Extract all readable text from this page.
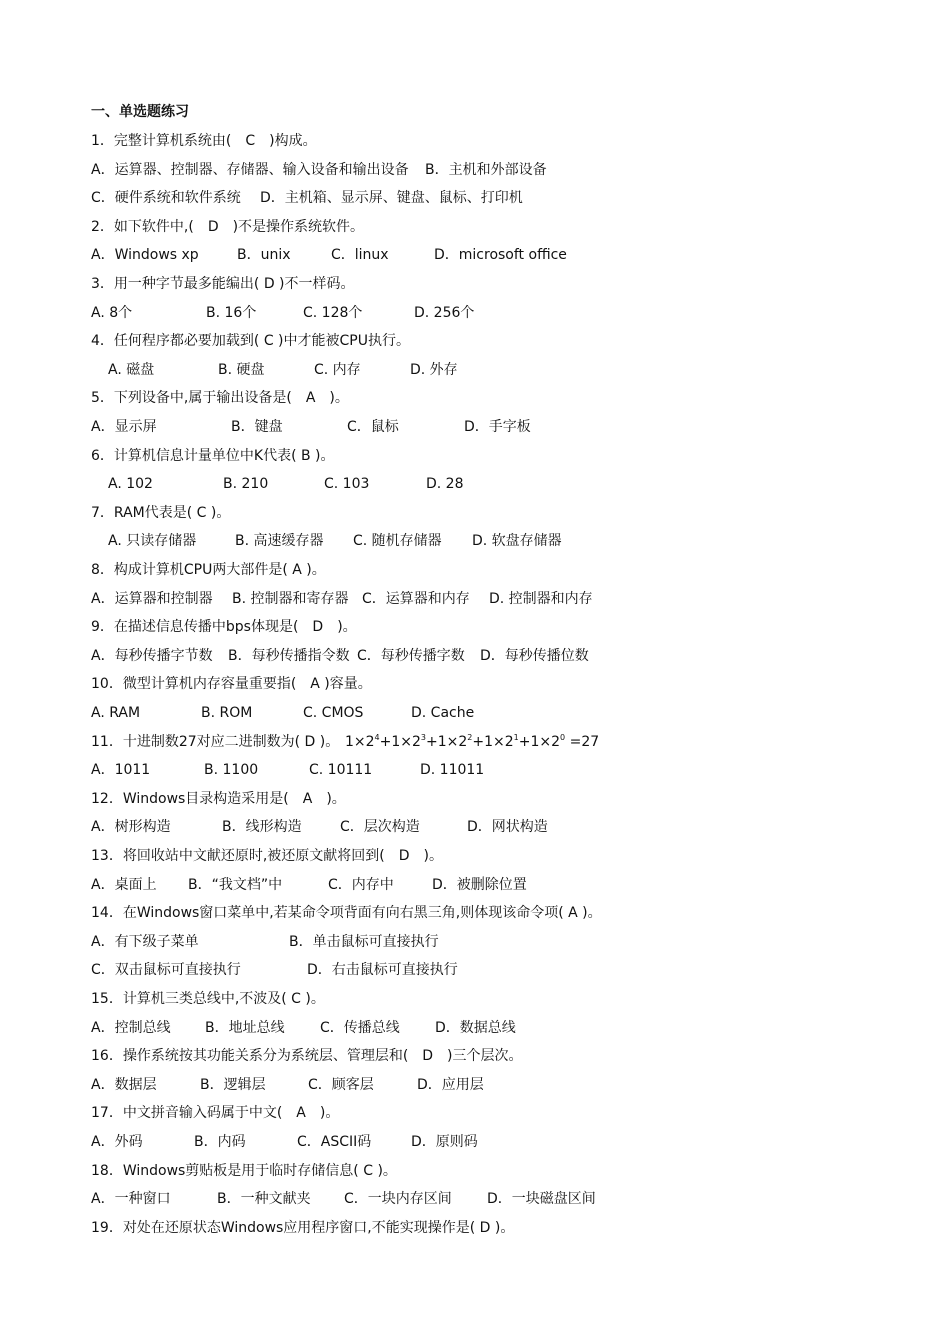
一、单选题练习
1．完整计算机系统由(　C　)构成。
A．运算器、控制器、存储器、输入设备和输出设备 B．主机和外部设备
C．硬件系统和软件系统 D．主机箱、显示屏、键盘、鼠标、打印机
2．如下软件中,(　D　)不是操作系统软件。
A．Windows xp	B．unix	C．linux	D．microsoft office
3．用一种字节最多能编出( D )不一样码。
A. 8个	B. 16个	C. 128个	D. 256个
4．任何程序都必要加载到( C )中才能被CPU执行。
A. 磁盘	B. 硬盘	C. 内存	D. 外存
5．下列设备中,属于输出设备是(　A　)。
A．显示屏	B．键盘	C．鼠标	D．手字板
6．计算机信息计量单位中K代表( B )。
A. 102	B. 210	C. 103	D. 28
7．RAM代表是( C )。
A. 只读存储器	B. 高速缓存器 C. 随机存储器 D. 软盘存储器
8．构成计算机CPU两大部件是( A )。
A．运算器和控制器 B. 控制器和寄存器 C．运算器和内存 D. 控制器和内存
9．在描述信息传播中bps体现是(　D　)。
A．每秒传播字节数 B．每秒传播指令数 C．每秒传播字数 D．每秒传播位数
10．微型计算机内存容量重要指(　A )容量。
A. RAM	B. ROM	C. CMOS	D. Cache
11．十进制数27对应二进制数为( D )。 $1\times 2^4+1\times 2^3+1\times 2^2+1\times 2^1+1\times 2^0 =27$
A．1011	B. 1100	C. 10111	D. 11011
12．Windows目录构造采用是(　A　)。
A．树形构造	B．线形构造	C．层次构造	D．网状构造
13．将回收站中文献还原时,被还原文献将回到(　D　)。
A．桌面上 B．“我文档”中	C．内存中	D．被删除位置
14．在Windows窗口菜单中,若某命令项背面有向右黑三角,则体现该命令项( A )。
A．有下级子菜单	B．单击鼠标可直接执行
C．双击鼠标可直接执行	D．右击鼠标可直接执行
15．计算机三类总线中,不波及( C )。
A．控制总线 B．地址总线	C．传播总线	D．数据总线
16．操作系统按其功能关系分为系统层、管理层和(　D　)三个层次。
A．数据层	B．逻辑层	C．顾客层	D．应用层
17．中文拼音输入码属于中文(　A　)。
A．外码	B．内码	C．ASCII码	D．原则码
18．Windows剪贴板是用于临时存储信息( C )。
A．一种窗口	B．一种文献夹 C．一块内存区间	D．一块磁盘区间
19．对处在还原状态Windows应用程序窗口,不能实现操作是( D )。
